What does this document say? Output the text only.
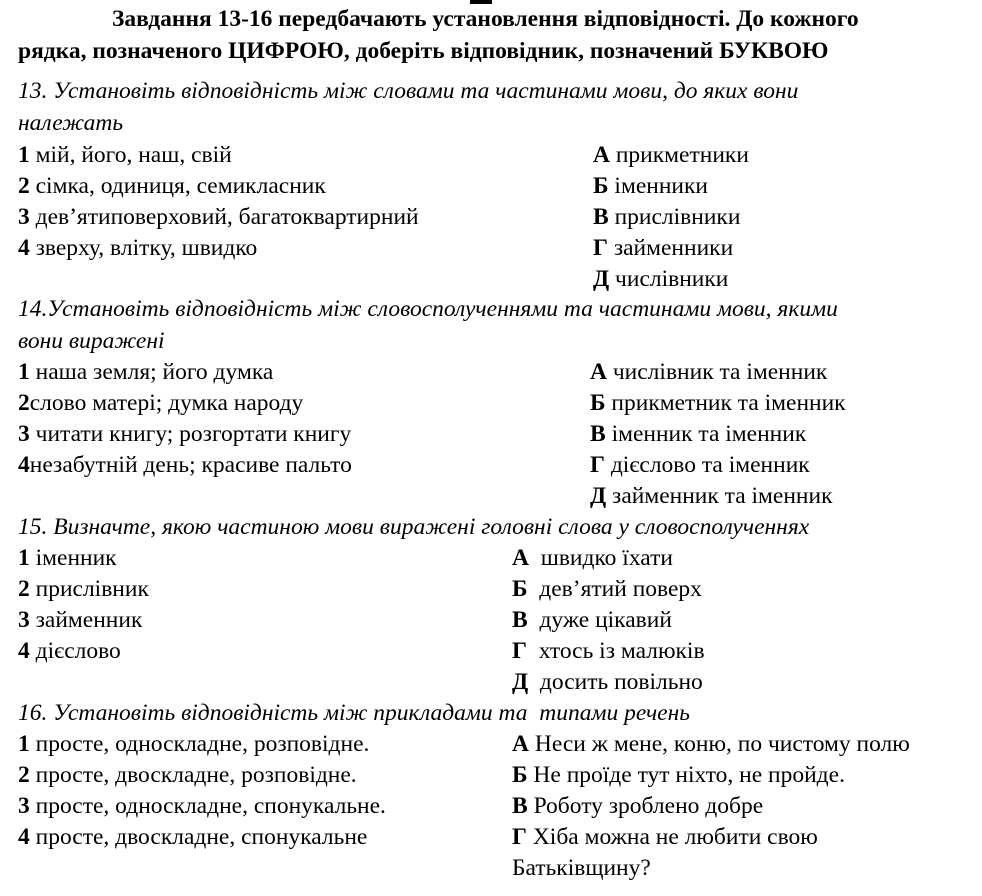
Завдання 13-16 передбачають установлення відповідності. До кожного
рядка, позначеного ЦИФРОЮ, доберіть відповідник, позначений БУКВОЮ
13. Установіть відповідність між словами та частинами мови, до яких вони
належать
1 мій, його, наш, свій
2 сімка, одиниця, семикласник
3 дев’ятиповерховий, багатоквартирний
4 зверху, влітку, швидко
А прикметники
Б іменники
В прислівники
Г займенники
Д числівники
14.Установіть відповідність між словосполученнями та частинами мови, якими
вони виражені
1 наша земля; його думка
2слово матері; думка народу
3 читати книгу; розгортати книгу
4незабутній день; красиве пальто
А числівник та іменник
Б прикметник та іменник
В іменник та іменник
Г дієслово та іменник
Д займенник та іменник
15. Визначте, якою частиною мови виражені головні слова у словосполученнях
1 іменник
2 прислівник
3 займенник
4 дієслово
А  швидко їхати
Б  дев’ятий поверх
В  дуже цікавий
Г  хтось із малюків
Д  досить повільно
16. Установіть відповідність між прикладами та  типами речень
1 просте, односкладне, розповідне.
2 просте, двоскладне, розповідне.
3 просте, односкладне, спонукальне.
4 просте, двоскладне, спонукальне
А Неси ж мене, коню, по чистому полю
Б Не проїде тут ніхто, не пройде.
В Роботу зроблено добре
Г Хіба можна не любити свою
Батьківщину?
